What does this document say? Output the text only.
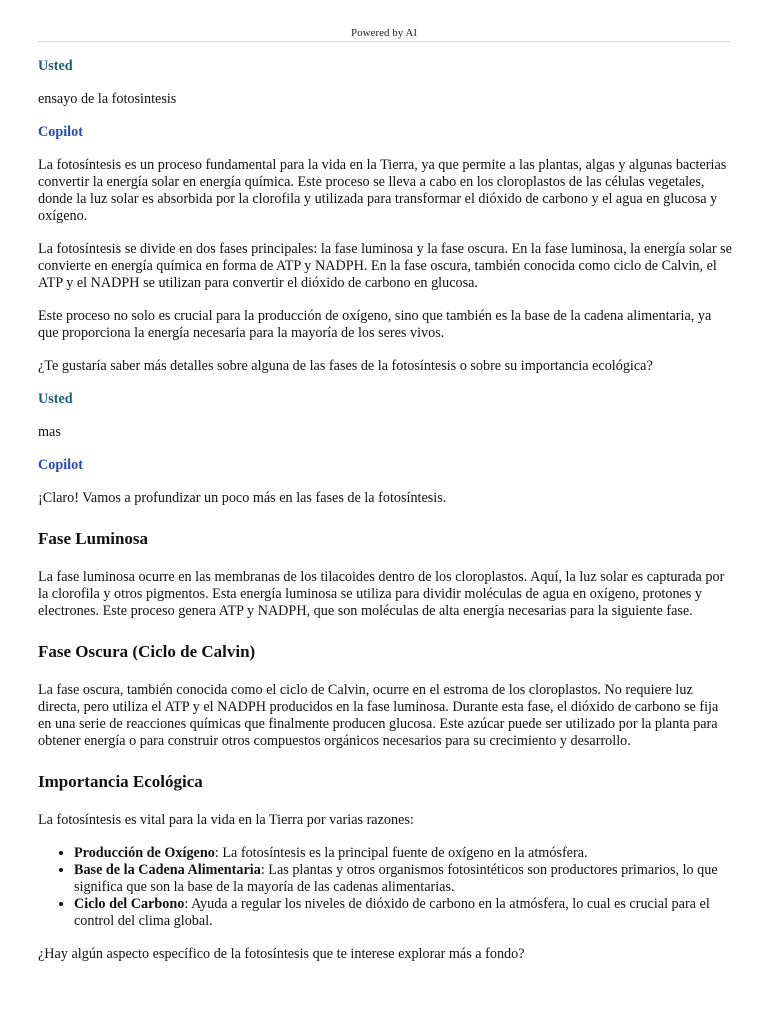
Powered by AI
Usted

ensayo de la fotosintesis

Copilot

La fotosíntesis es un proceso fundamental para la vida en la Tierra, ya que permite a las plantas, algas y algunas bacterias convertir la energía solar en energía química. Este proceso se lleva a cabo en los cloroplastos de las células vegetales, donde la luz solar es absorbida por la clorofila y utilizada para transformar el dióxido de carbono y el agua en glucosa y oxígeno.

La fotosíntesis se divide en dos fases principales: la fase luminosa y la fase oscura. En la fase luminosa, la energía solar se convierte en energía química en forma de ATP y NADPH. En la fase oscura, también conocida como ciclo de Calvin, el ATP y el NADPH se utilizan para convertir el dióxido de carbono en glucosa.

Este proceso no solo es crucial para la producción de oxígeno, sino que también es la base de la cadena alimentaria, ya que proporciona la energía necesaria para la mayoría de los seres vivos.

¿Te gustaría saber más detalles sobre alguna de las fases de la fotosíntesis o sobre su importancia ecológica?

Usted

mas

Copilot

¡Claro! Vamos a profundizar un poco más en las fases de la fotosíntesis.

Fase Luminosa

La fase luminosa ocurre en las membranas de los tilacoides dentro de los cloroplastos. Aquí, la luz solar es capturada por la clorofila y otros pigmentos. Esta energía luminosa se utiliza para dividir moléculas de agua en oxígeno, protones y electrones. Este proceso genera ATP y NADPH, que son moléculas de alta energía necesarias para la siguiente fase.

Fase Oscura (Ciclo de Calvin)

La fase oscura, también conocida como el ciclo de Calvin, ocurre en el estroma de los cloroplastos. No requiere luz directa, pero utiliza el ATP y el NADPH producidos en la fase luminosa. Durante esta fase, el dióxido de carbono se fija en una serie de reacciones químicas que finalmente producen glucosa. Este azúcar puede ser utilizado por la planta para obtener energía o para construir otros compuestos orgánicos necesarios para su crecimiento y desarrollo.

Importancia Ecológica

La fotosíntesis es vital para la vida en la Tierra por varias razones:

• Producción de Oxígeno: La fotosíntesis es la principal fuente de oxígeno en la atmósfera.
• Base de la Cadena Alimentaria: Las plantas y otros organismos fotosintéticos son productores primarios, lo que significa que son la base de la mayoría de las cadenas alimentarias.
• Ciclo del Carbono: Ayuda a regular los niveles de dióxido de carbono en la atmósfera, lo cual es crucial para el control del clima global.

¿Hay algún aspecto específico de la fotosíntesis que te interese explorar más a fondo?
